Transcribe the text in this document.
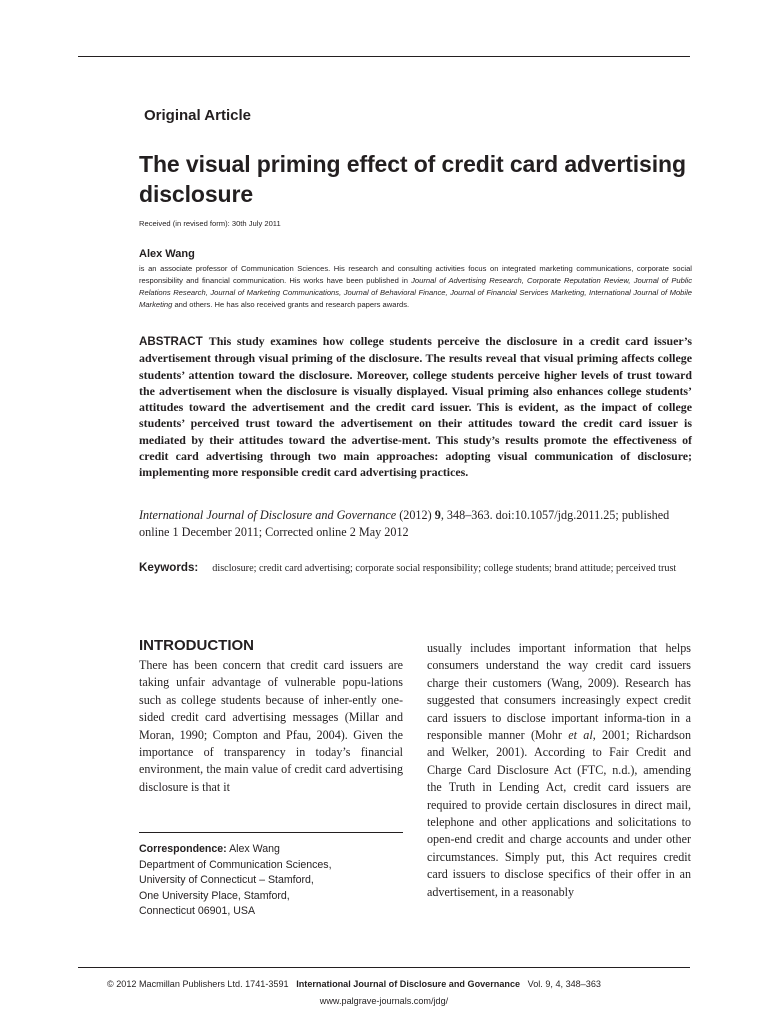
Original Article
The visual priming effect of credit card advertising disclosure
Received (in revised form): 30th July 2011
Alex Wang
is an associate professor of Communication Sciences. His research and consulting activities focus on integrated marketing communications, corporate social responsibility and financial communication. His works have been published in Journal of Advertising Research, Corporate Reputation Review, Journal of Public Relations Research, Journal of Marketing Communications, Journal of Behavioral Finance, Journal of Financial Services Marketing, International Journal of Mobile Marketing and others. He has also received grants and research papers awards.
ABSTRACT This study examines how college students perceive the disclosure in a credit card issuer’s advertisement through visual priming of the disclosure. The results reveal that visual priming affects college students’ attention toward the disclosure. Moreover, college students perceive higher levels of trust toward the advertisement when the disclosure is visually displayed. Visual priming also enhances college students’ attitudes toward the advertisement and the credit card issuer. This is evident, as the impact of college students’ perceived trust toward the advertisement on their attitudes toward the credit card issuer is mediated by their attitudes toward the advertise-ment. This study’s results promote the effectiveness of credit card advertising through two main approaches: adopting visual communication of disclosure; implementing more responsible credit card advertising practices.
International Journal of Disclosure and Governance (2012) 9, 348–363. doi:10.1057/jdg.2011.25; published online 1 December 2011; Corrected online 2 May 2012
Keywords: disclosure; credit card advertising; corporate social responsibility; college students; brand attitude; perceived trust
INTRODUCTION
There has been concern that credit card issuers are taking unfair advantage of vulnerable popu-lations such as college students because of inher-ently one-sided credit card advertising messages (Millar and Moran, 1990; Compton and Pfau, 2004). Given the importance of transparency in today’s financial environment, the main value of credit card advertising disclosure is that it
usually includes important information that helps consumers understand the way credit card issuers charge their customers (Wang, 2009). Research has suggested that consumers increasingly expect credit card issuers to disclose important informa-tion in a responsible manner (Mohr et al, 2001; Richardson and Welker, 2001). According to Fair Credit and Charge Card Disclosure Act (FTC, n.d.), amending the Truth in Lending Act, credit card issuers are required to provide certain disclosures in direct mail, telephone and other applications and solicitations to open-end credit and charge accounts and under other circumstances. Simply put, this Act requires credit card issuers to disclose specifics of their offer in an advertisement, in a reasonably
Correspondence: Alex Wang
Department of Communication Sciences,
University of Connecticut – Stamford,
One University Place, Stamford,
Connecticut 06901, USA
© 2012 Macmillan Publishers Ltd. 1741-3591 International Journal of Disclosure and Governance Vol. 9, 4, 348–363
www.palgrave-journals.com/jdg/
